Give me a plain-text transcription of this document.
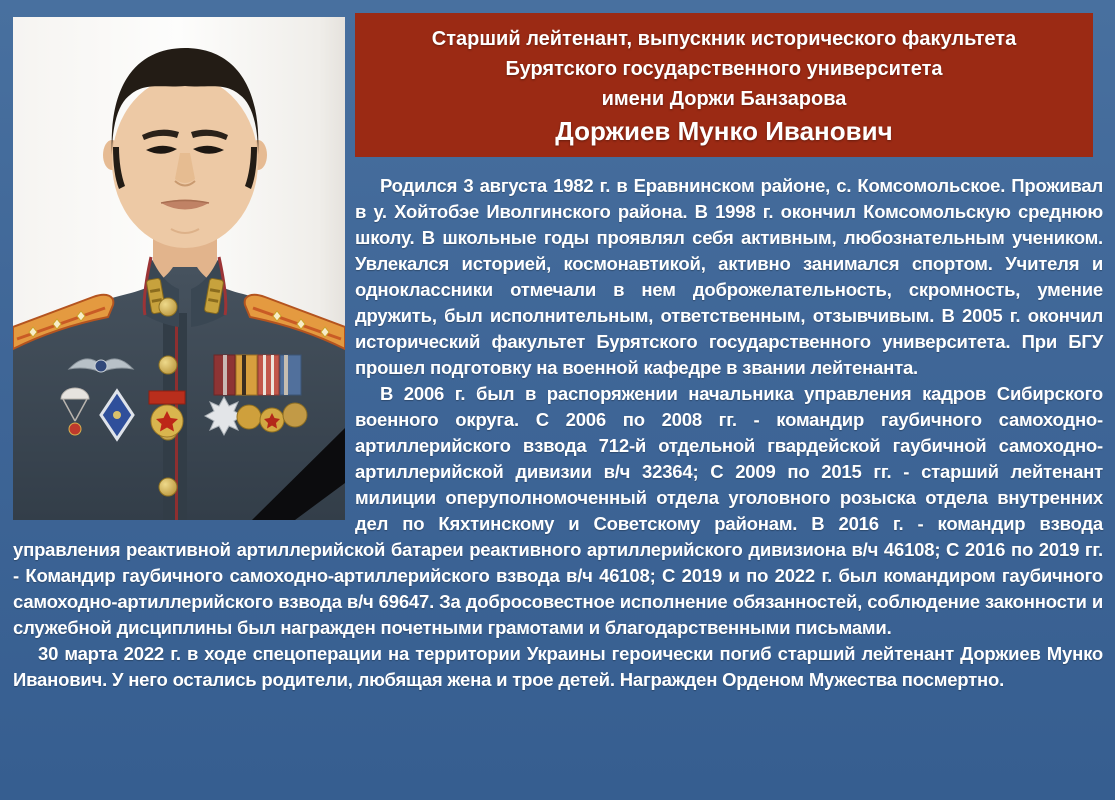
Старший лейтенант, выпускник исторического факультета
Бурятского государственного университета
имени Доржи Банзарова
Доржиев Мунко Иванович

Родился 3 августа 1982 г. в Еравнинском районе, с. Комсомольское. Проживал в у. Хойтобэе Иволгинского района. В 1998 г. окончил Комсомольскую среднюю школу. В школьные годы проявлял себя активным, любознательным учеником. Увлекался историей, космонавтикой, активно занимался спортом. Учителя и одноклассники отмечали в нем доброжелательность, скромность, умение дружить, был исполнительным, ответственным, отзывчивым. В 2005 г. окончил исторический факультет Бурятского государственного университета. При БГУ прошел подготовку на военной кафедре в звании лейтенанта.

В 2006 г. был в распоряжении начальника управления кадров Сибирского военного округа. С 2006 по 2008 гг. - командир гаубичного самоходно-артиллерийского взвода 712-й отдельной гвардейской гаубичной самоходно-артиллерийской дивизии в/ч 32364; С 2009 по 2015 гг. - старший лейтенант милиции оперуполномоченный отдела уголовного розыска отдела внутренних дел по Кяхтинскому и Советскому районам. В 2016 г. - командир взвода управления реактивной артиллерийской батареи реактивного артиллерийского дивизиона в/ч 46108; С 2016 по 2019 гг. - Командир гаубичного самоходно-артиллерийского взвода в/ч 46108; С 2019 и по 2022 г. был командиром гаубичного самоходно-артиллерийского взвода в/ч 69647. За добросовестное исполнение обязанностей, соблюдение законности и служебной дисциплины был награжден почетными грамотами и благодарственными письмами.

30 марта 2022 г. в ходе спецоперации на территории Украины героически погиб старший лейтенант Доржиев Мунко Иванович. У него остались родители, любящая жена и трое детей. Награжден Орденом Мужества посмертно.
